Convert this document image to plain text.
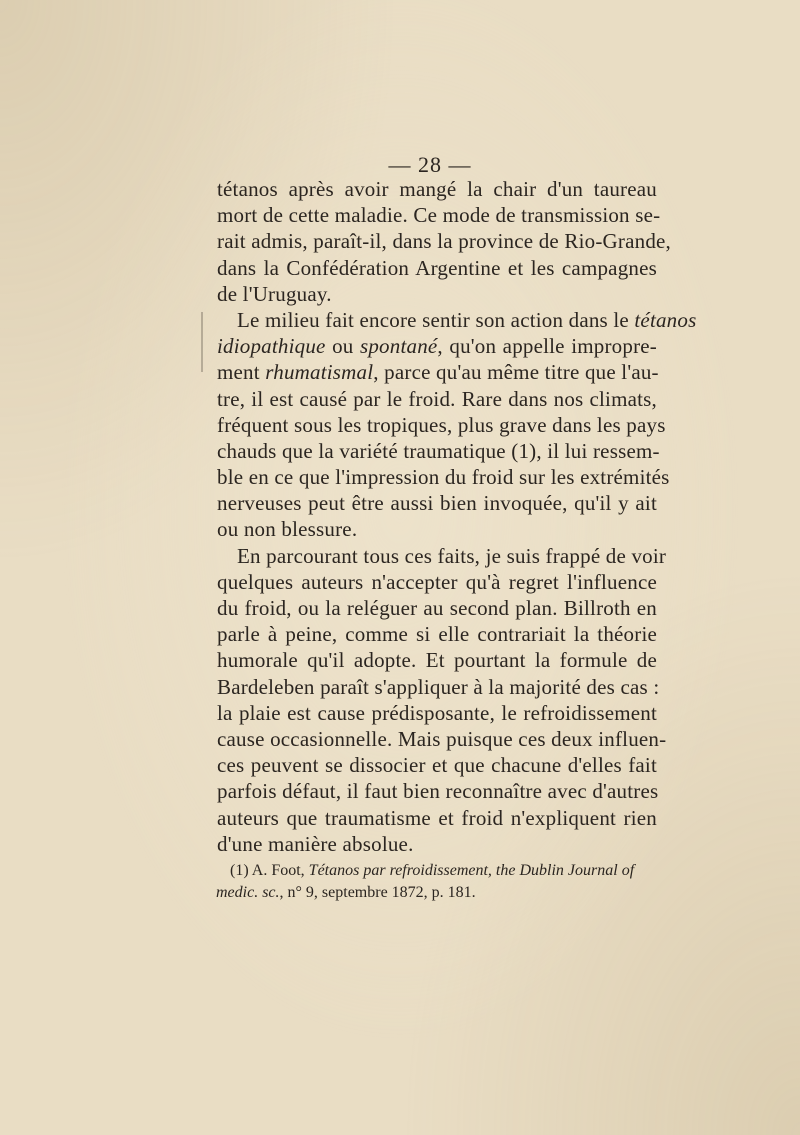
— 28 —
tétanos après avoir mangé la chair d'un taureau
mort de cette maladie. Ce mode de transmission se-
rait admis, paraît-il, dans la province de Rio-Grande,
dans la Confédération Argentine et les campagnes
de l'Uruguay.
Le milieu fait encore sentir son action dans le tétanos
idiopathique ou spontané, qu'on appelle impropre-
ment rhumatismal, parce qu'au même titre que l'au-
tre, il est causé par le froid. Rare dans nos climats,
fréquent sous les tropiques, plus grave dans les pays
chauds que la variété traumatique (1), il lui ressem-
ble en ce que l'impression du froid sur les extrémités
nerveuses peut être aussi bien invoquée, qu'il y ait
ou non blessure.
En parcourant tous ces faits, je suis frappé de voir
quelques auteurs n'accepter qu'à regret l'influence
du froid, ou la reléguer au second plan. Billroth en
parle à peine, comme si elle contrariait la théorie
humorale qu'il adopte. Et pourtant la formule de
Bardeleben paraît s'appliquer à la majorité des cas :
la plaie est cause prédisposante, le refroidissement
cause occasionnelle. Mais puisque ces deux influen-
ces peuvent se dissocier et que chacune d'elles fait
parfois défaut, il faut bien reconnaître avec d'autres
auteurs que traumatisme et froid n'expliquent rien
d'une manière absolue.
(1) A. Foot, Tétanos par refroidissement, the Dublin Journal of
medic. sc., n° 9, septembre 1872, p. 181.
